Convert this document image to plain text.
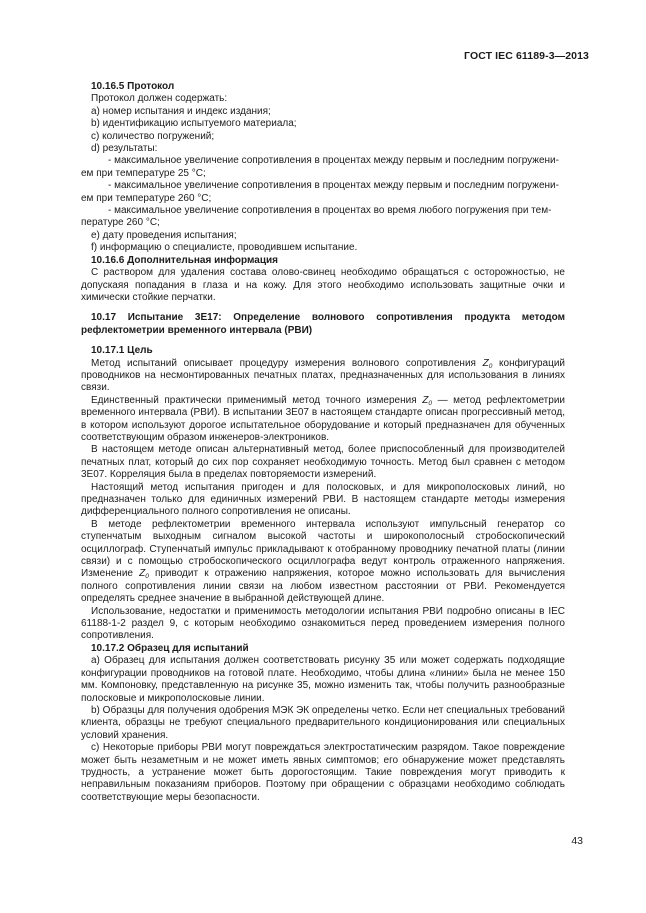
ГОСТ IEC 61189-3—2013

10.16.5 Протокол

Протокол должен содержать:

a) номер испытания и индекс издания;

b) идентификацию испытуемого материала;

c) количество погружений;

d) результаты:

- максимальное увеличение сопротивления в процентах между первым и последним погружени-

ем при температуре 25 °C;

- максимальное увеличение сопротивления в процентах между первым и последним погружени-

ем при температуре 260 °C;

- максимальное увеличение сопротивления в процентах во время любого погружения при тем-

пературе 260 °C;

e) дату проведения испытания;

f) информацию о специалисте, проводившем испытание.

10.16.6 Дополнительная информация

С раствором для удаления состава олово-свинец необходимо обращаться с осторожностью, не допускаяя попадания в глаза и на кожу. Для этого необходимо использовать защитные очки и химически стойкие перчатки.

10.17 Испытание 3E17: Определение волнового сопротивления продукта методом рефлектометрии временного интервала (РВИ)

10.17.1 Цель

Метод испытаний описывает процедуру измерения волнового сопротивления $Z_0$ конфигураций проводников на несмонтированных печатных платах, предназначенных для использования в линиях связи.

Единственный практически применимый метод точного измерения $Z_0$ — метод рефлектометрии временного интервала (РВИ). В испытании 3E07 в настоящем стандарте описан прогрессивный метод, в котором используют дорогое испытательное оборудование и который предназначен для обученных соответствующим образом инженеров-электроников.

В настоящем методе описан альтернативный метод, более приспособленный для производителей печатных плат, который до сих пор сохраняет необходимую точность. Метод был сравнен с методом 3E07. Корреляция была в пределах повторяемости измерений.

Настоящий метод испытания пригоден и для полосковых, и для микрополосковых линий, но предназначен только для единичных измерений РВИ. В настоящем стандарте методы измерения дифференциального полного сопротивления не описаны.

В методе рефлектометрии временного интервала используют импульсный генератор со ступенчатым выходным сигналом высокой частоты и широкополосный стробоскопический осциллограф. Ступенчатый импульс прикладывают к отобранному проводнику печатной платы (линии связи) и с помощью стробоскопического осциллографа ведут контроль отраженного напряжения. Изменение $Z_0$ приводит к отражению напряжения, которое можно использовать для вычисления полного сопротивления линии связи на любом известном расстоянии от РВИ. Рекомендуется определять среднее значение в выбранной действующей длине.

Использование, недостатки и применимость методологии испытания РВИ подробно описаны в IEC 61188-1-2 раздел 9, с которым необходимо ознакомиться перед проведением измерения полного сопротивления.

10.17.2 Образец для испытаний

a) Образец для испытания должен соответствовать рисунку 35 или может содержать подходящие конфигурации проводников на готовой плате. Необходимо, чтобы длина «линии» была не менее 150 мм. Компоновку, представленную на рисунке 35, можно изменить так, чтобы получить разнообразные полосковые и микрополосковые линии.

b) Образцы для получения одобрения МЭК ЭК определены четко. Если нет специальных требований клиента, образцы не требуют специального предварительного кондиционирования или специальных условий хранения.

c) Некоторые приборы РВИ могут повреждаться электростатическим разрядом. Такое повреждение может быть незаметным и не может иметь явных симптомов; его обнаружение может представлять трудность, а устранение может быть дорогостоящим. Такие повреждения могут приводить к неправильным показаниям приборов. Поэтому при обращении с образцами необходимо соблюдать соответствующие меры безопасности.

43
